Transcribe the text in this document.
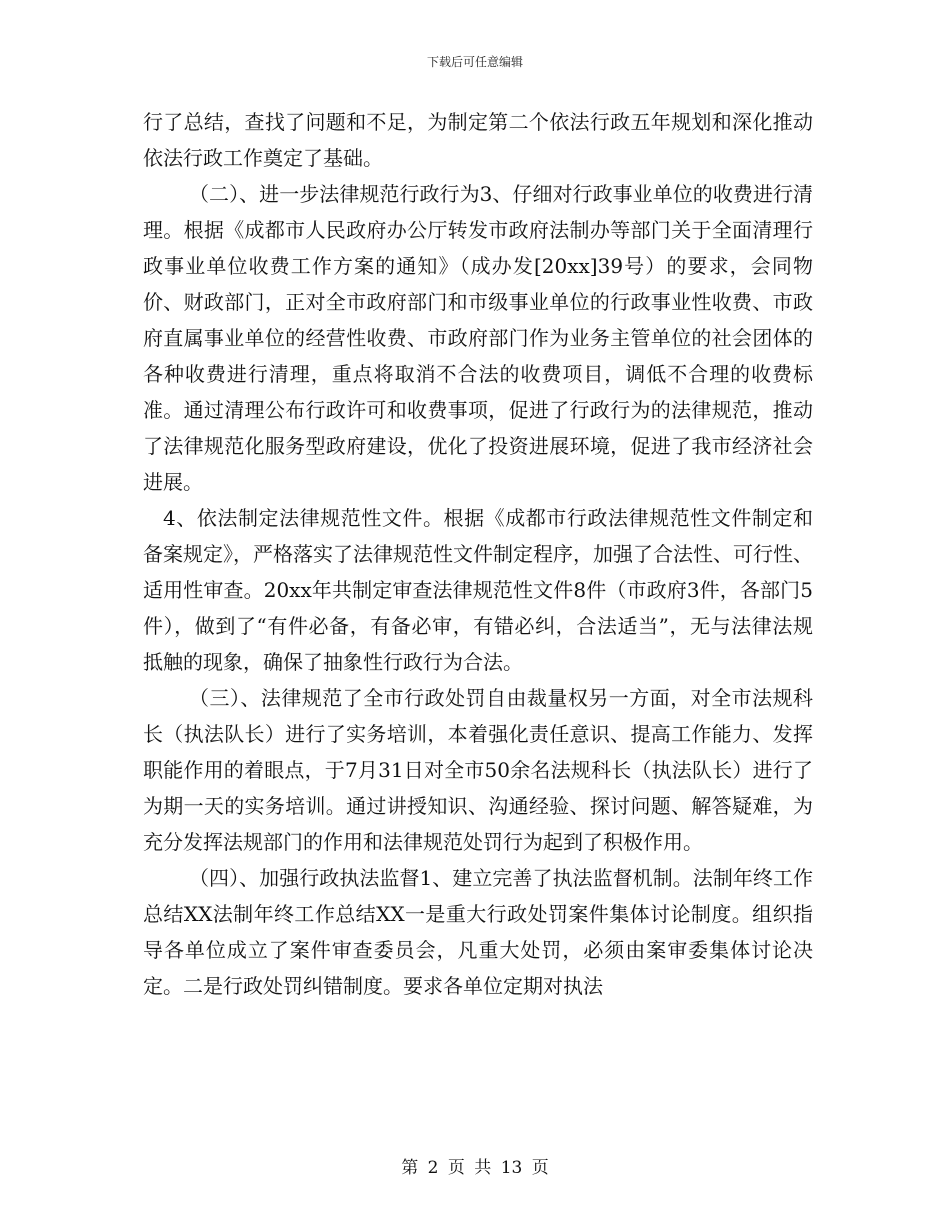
下载后可任意编辑

行了总结，查找了问题和不足，为制定第二个依法行政五年规划和深化推动依法行政工作奠定了基础。

（二）、进一步法律规范行政行为3、仔细对行政事业单位的收费进行清理。根据《成都市人民政府办公厅转发市政府法制办等部门关于全面清理行政事业单位收费工作方案的通知》（成办发[20xx]39号）的要求，会同物价、财政部门，正对全市政府部门和市级事业单位的行政事业性收费、市政府直属事业单位的经营性收费、市政府部门作为业务主管单位的社会团体的各种收费进行清理，重点将取消不合法的收费项目，调低不合理的收费标准。通过清理公布行政许可和收费事项，促进了行政行为的法律规范，推动了法律规范化服务型政府建设，优化了投资进展环境，促进了我市经济社会进展。

4、依法制定法律规范性文件。根据《成都市行政法律规范性文件制定和备案规定》，严格落实了法律规范性文件制定程序，加强了合法性、可行性、适用性审查。20xx年共制定审查法律规范性文件8件（市政府3件，各部门5件），做到了“有件必备，有备必审，有错必纠，合法适当”，无与法律法规抵触的现象，确保了抽象性行政行为合法。

（三）、法律规范了全市行政处罚自由裁量权另一方面，对全市法规科长（执法队长）进行了实务培训，本着强化责任意识、提高工作能力、发挥职能作用的着眼点，于7月31日对全市50余名法规科长（执法队长）进行了为期一天的实务培训。通过讲授知识、沟通经验、探讨问题、解答疑难，为充分发挥法规部门的作用和法律规范处罚行为起到了积极作用。

（四）、加强行政执法监督1、建立完善了执法监督机制。法制年终工作总结XX法制年终工作总结XX一是重大行政处罚案件集体讨论制度。组织指导各单位成立了案件审查委员会，凡重大处罚，必须由案审委集体讨论决定。二是行政处罚纠错制度。要求各单位定期对执法

第 2 页 共 13 页
